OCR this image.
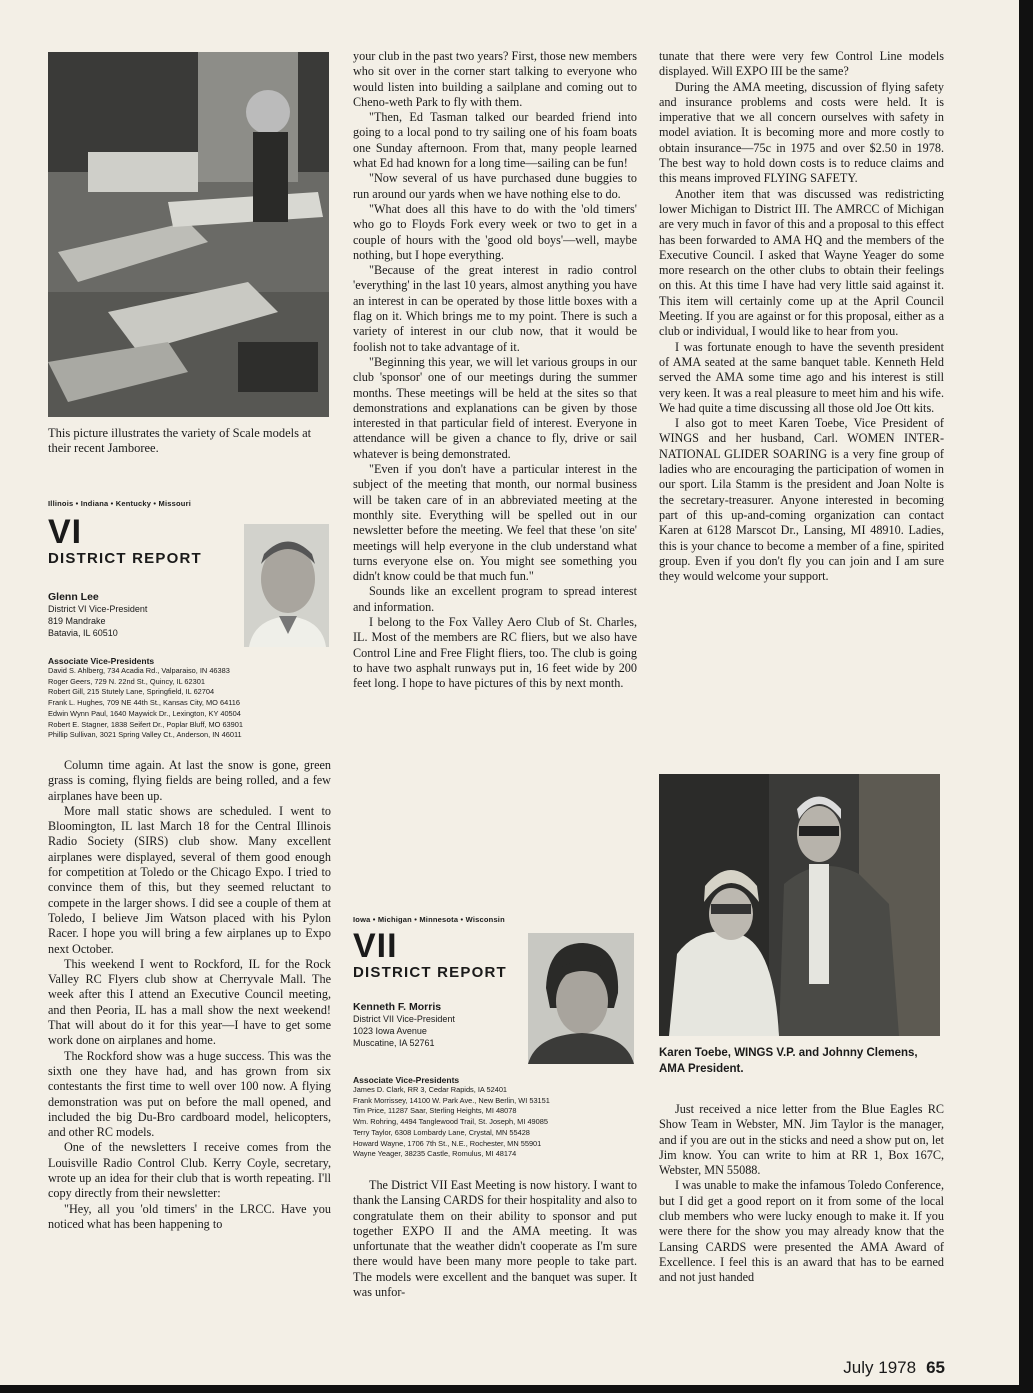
This picture illustrates the variety of Scale models at their recent Jamboree.
Illinois • Indiana • Kentucky • Missouri
VI
DISTRICT REPORT
Glenn Lee
District VI Vice-President
819 Mandrake
Batavia, IL 60510
Associate Vice-Presidents
David S. Ahlberg, 734 Acadia Rd., Valparaiso, IN 46383
Roger Geers, 729 N. 22nd St., Quincy, IL 62301
Robert Gill, 215 Stutely Lane, Springfield, IL 62704
Frank L. Hughes, 709 NE 44th St., Kansas City, MO 64116
Edwin Wynn Paul, 1640 Maywick Dr., Lexington, KY 40504
Robert E. Stagner, 1838 Seifert Dr., Poplar Bluff, MO 63901
Phillip Sullivan, 3021 Spring Valley Ct., Anderson, IN 46011

Column time again. At last the snow is gone, green grass is coming, flying fields are being rolled, and a few airplanes have been up.

More mall static shows are scheduled. I went to Bloomington, IL last March 18 for the Central Illinois Radio Society (SIRS) club show. Many excellent airplanes were displayed, several of them good enough for competition at Toledo or the Chicago Expo. I tried to convince them of this, but they seemed reluctant to compete in the larger shows. I did see a couple of them at Toledo, I believe Jim Watson placed with his Pylon Racer. I hope you will bring a few airplanes up to Expo next October.

This weekend I went to Rockford, IL for the Rock Valley RC Flyers club show at Cherryvale Mall. The week after this I attend an Executive Council meeting, and then Peoria, IL has a mall show the next weekend! That will about do it for this year—I have to get some work done on airplanes and home.

The Rockford show was a huge success. This was the sixth one they have had, and has grown from six contestants the first time to well over 100 now. A flying demonstration was put on before the mall opened, and included the big Du-Bro cardboard model, helicopters, and other RC models.

One of the newsletters I receive comes from the Louisville Radio Control Club. Kerry Coyle, secretary, wrote up an idea for their club that is worth repeating. I'll copy directly from their newsletter:

"Hey, all you 'old timers' in the LRCC. Have you noticed what has been happening to

your club in the past two years? First, those new members who sit over in the corner start talking to everyone who would listen into building a sailplane and coming out to Cheno-weth Park to fly with them.

"Then, Ed Tasman talked our bearded friend into going to a local pond to try sailing one of his foam boats one Sunday afternoon. From that, many people learned what Ed had known for a long time—sailing can be fun!

"Now several of us have purchased dune buggies to run around our yards when we have nothing else to do.

"What does all this have to do with the 'old timers' who go to Floyds Fork every week or two to get in a couple of hours with the 'good old boys'—well, maybe nothing, but I hope everything.

"Because of the great interest in radio control 'everything' in the last 10 years, almost anything you have an interest in can be operated by those little boxes with a flag on it. Which brings me to my point. There is such a variety of interest in our club now, that it would be foolish not to take advantage of it.

"Beginning this year, we will let various groups in our club 'sponsor' one of our meetings during the summer months. These meetings will be held at the sites so that demonstrations and explanations can be given by those interested in that particular field of interest. Everyone in attendance will be given a chance to fly, drive or sail whatever is being demonstrated.

"Even if you don't have a particular interest in the subject of the meeting that month, our normal business will be taken care of in an abbreviated meeting at the monthly site. Everything will be spelled out in our newsletter before the meeting. We feel that these 'on site' meetings will help everyone in the club understand what turns everyone else on. You might see something you didn't know could be that much fun."

Sounds like an excellent program to spread interest and information.

I belong to the Fox Valley Aero Club of St. Charles, IL. Most of the members are RC fliers, but we also have Control Line and Free Flight fliers, too. The club is going to have two asphalt runways put in, 16 feet wide by 200 feet long. I hope to have pictures of this by next month.

Iowa • Michigan • Minnesota • Wisconsin
VII
DISTRICT REPORT
Kenneth F. Morris
District VII Vice-President
1023 Iowa Avenue
Muscatine, IA 52761
Associate Vice-Presidents
James D. Clark, RR 3, Cedar Rapids, IA 52401
Frank Morrissey, 14100 W. Park Ave., New Berlin, WI 53151
Tim Price, 11287 Saar, Sterling Heights, MI 48078
Wm. Rohring, 4494 Tanglewood Trail, St. Joseph, MI 49085
Terry Taylor, 6308 Lombardy Lane, Crystal, MN 55428
Howard Wayne, 1706 7th St., N.E., Rochester, MN 55901
Wayne Yeager, 38235 Castle, Romulus, MI 48174

The District VII East Meeting is now history. I want to thank the Lansing CARDS for their hospitality and also to congratulate them on their ability to sponsor and put together EXPO II and the AMA meeting. It was unfortunate that the weather didn't cooperate as I'm sure there would have been many more people to take part. The models were excellent and the banquet was super. It was unfor-

tunate that there were very few Control Line models displayed. Will EXPO III be the same?

During the AMA meeting, discussion of flying safety and insurance problems and costs were held. It is imperative that we all concern ourselves with safety in model aviation. It is becoming more and more costly to obtain insurance—75c in 1975 and over $2.50 in 1978. The best way to hold down costs is to reduce claims and this means improved FLYING SAFETY.

Another item that was discussed was redistricting lower Michigan to District III. The AMRCC of Michigan are very much in favor of this and a proposal to this effect has been forwarded to AMA HQ and the members of the Executive Council. I asked that Wayne Yeager do some more research on the other clubs to obtain their feelings on this. At this time I have had very little said against it. This item will certainly come up at the April Council Meeting. If you are against or for this proposal, either as a club or individual, I would like to hear from you.

I was fortunate enough to have the seventh president of AMA seated at the same banquet table. Kenneth Held served the AMA some time ago and his interest is still very keen. It was a real pleasure to meet him and his wife. We had quite a time discussing all those old Joe Ott kits.

I also got to meet Karen Toebe, Vice President of WINGS and her husband, Carl. WOMEN INTER-NATIONAL GLIDER SOARING is a very fine group of ladies who are encouraging the participation of women in our sport. Lila Stamm is the president and Joan Nolte is the secretary-treasurer. Anyone interested in becoming part of this up-and-coming organization can contact Karen at 6128 Marscot Dr., Lansing, MI 48910. Ladies, this is your chance to become a member of a fine, spirited group. Even if you don't fly you can join and I am sure they would welcome your support.

Karen Toebe, WINGS V.P. and Johnny Clemens, AMA President.

Just received a nice letter from the Blue Eagles RC Show Team in Webster, MN. Jim Taylor is the manager, and if you are out in the sticks and need a show put on, let Jim know. You can write to him at RR 1, Box 167C, Webster, MN 55088.

I was unable to make the infamous Toledo Conference, but I did get a good report on it from some of the local club members who were lucky enough to make it. If you were there for the show you may already know that the Lansing CARDS were presented the AMA Award of Excellence. I feel this is an award that has to be earned and not just handed

July 1978 65
